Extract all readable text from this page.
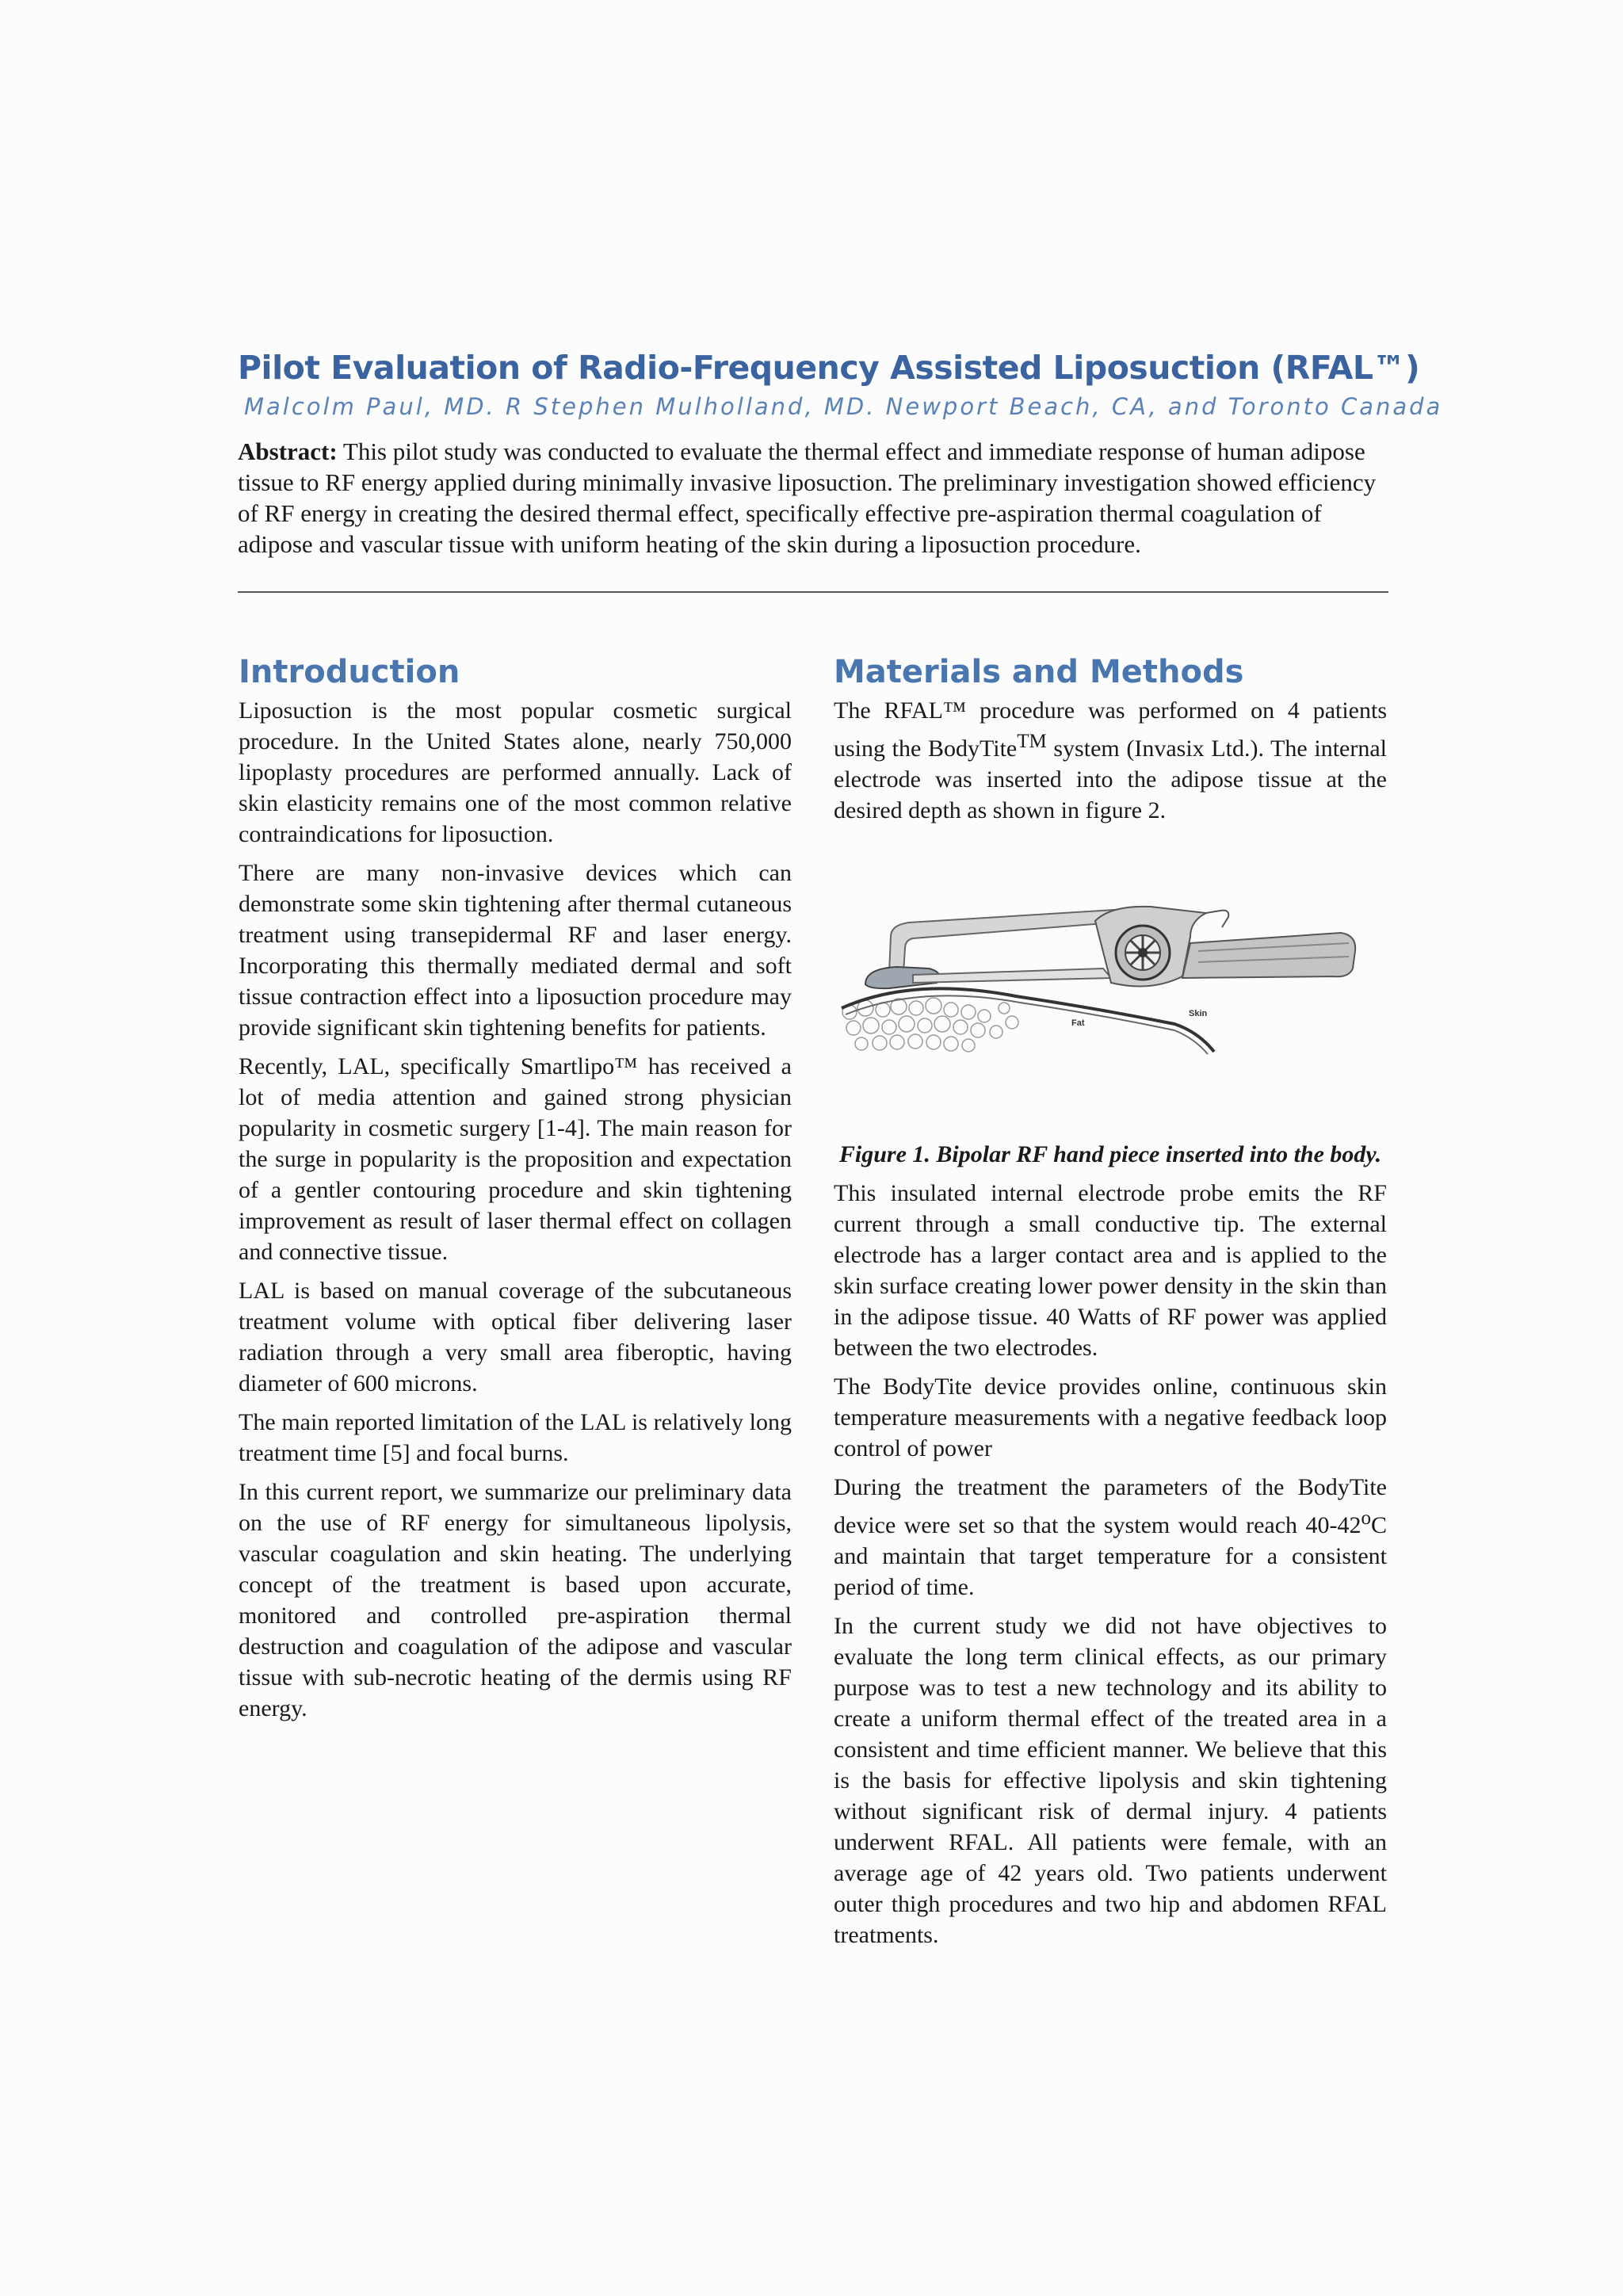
Pilot Evaluation of Radio-Frequency Assisted Liposuction (RFAL™)
Malcolm Paul, MD. R Stephen Mulholland, MD. Newport Beach, CA, and Toronto Canada
Abstract: This pilot study was conducted to evaluate the thermal effect and immediate response of human adipose tissue to RF energy applied during minimally invasive liposuction. The preliminary investigation showed efficiency of RF energy in creating the desired thermal effect, specifically effective pre-aspiration thermal coagulation of adipose and vascular tissue with uniform heating of the skin during a liposuction procedure.
Introduction

Liposuction is the most popular cosmetic surgical procedure. In the United States alone, nearly 750,000 lipoplasty procedures are performed annually. Lack of skin elasticity remains one of the most common relative contraindications for liposuction.

There are many non-invasive devices which can demonstrate some skin tightening after thermal cutaneous treatment using transepidermal RF and laser energy. Incorporating this thermally mediated dermal and soft tissue contraction effect into a liposuction procedure may provide significant skin tightening benefits for patients.

Recently, LAL, specifically Smartlipo™ has received a lot of media attention and gained strong physician popularity in cosmetic surgery [1-4]. The main reason for the surge in popularity is the proposition and expectation of a gentler contouring procedure and skin tightening improvement as result of laser thermal effect on collagen and connective tissue.

LAL is based on manual coverage of the subcutaneous treatment volume with optical fiber delivering laser radiation through a very small area fiberoptic, having diameter of 600 microns.

The main reported limitation of the LAL is relatively long treatment time [5] and focal burns.

In this current report, we summarize our preliminary data on the use of RF energy for simultaneous lipolysis, vascular coagulation and skin heating. The underlying concept of the treatment is based upon accurate, monitored and controlled pre-aspiration thermal destruction and coagulation of the adipose and vascular tissue with sub-necrotic heating of the dermis using RF energy.

Materials and Methods

The RFAL™ procedure was performed on 4 patients using the BodyTite™ system (Invasix Ltd.). The internal electrode was inserted into the adipose tissue at the desired depth as shown in figure 2.

Fat
Skin
Figure 1. Bipolar RF hand piece inserted into the body.

This insulated internal electrode probe emits the RF current through a small conductive tip. The external electrode has a larger contact area and is applied to the skin surface creating lower power density in the skin than in the adipose tissue. 40 Watts of RF power was applied between the two electrodes.

The BodyTite device provides online, continuous skin temperature measurements with a negative feedback loop control of power

During the treatment the parameters of the BodyTite device were set so that the system would reach 40-42$^o$C and maintain that target temperature for a consistent period of time.

In the current study we did not have objectives to evaluate the long term clinical effects, as our primary purpose was to test a new technology and its ability to create a uniform thermal effect of the treated area in a consistent and time efficient manner. We believe that this is the basis for effective lipolysis and skin tightening without significant risk of dermal injury. 4 patients underwent RFAL. All patients were female, with an average age of 42 years old. Two patients underwent outer thigh procedures and two hip and abdomen RFAL treatments.
